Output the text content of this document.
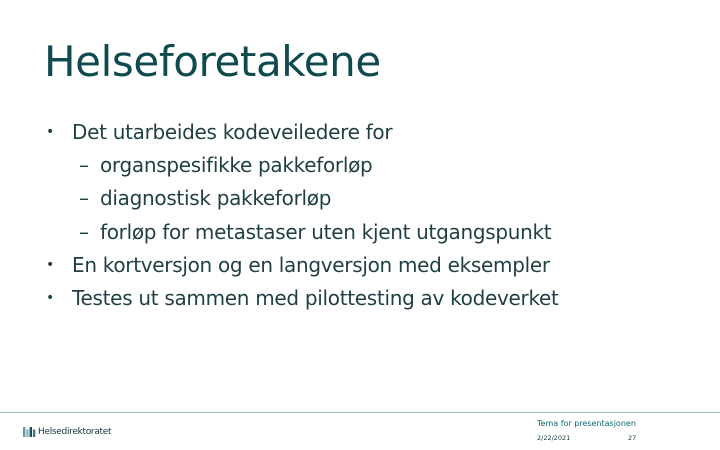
Helseforetakene
• Det utarbeides kodeveiledere for
– organspesifikke pakkeforløp
– diagnostisk pakkeforløp
– forløp for metastaser uten kjent utgangspunkt
• En kortversjon og en langversjon med eksempler
• Testes ut sammen med pilottesting av kodeverket
Helsedirektoratet
Tema for presentasjonen
2/22/2021	27
